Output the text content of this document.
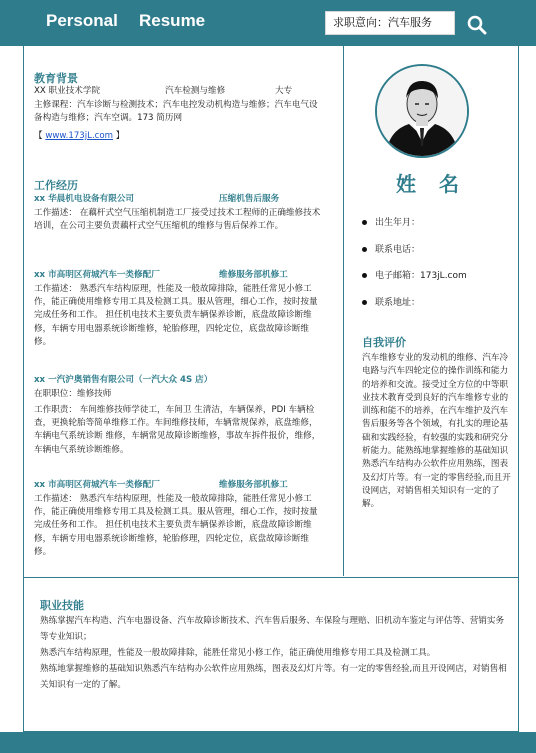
Personal Resume	求职意向：汽车服务
教育背景
XX 职业技术学院	汽车检测与维修	大专
主修课程：汽车诊断与检测技术；汽车电控发动机构造与维修；汽车电气设备构造与维修；汽车空调。173 简历网
【 www.173jL.com 】
工作经历
xx 华晨机电设备有限公司	压缩机售后服务
工作描述： 在藕杆式空气压缩机制造工厂接受过技术工程师的正确维修技术培训，在公司主要负责藕杆式空气压缩机的维修与售后保养工作。
xx 市高明区荷城汽车一类修配厂	维修服务部机修工
工作描述： 熟悉汽车结构原理，性能及一般故障排除，能胜任常见小修工作，能正确使用维修专用工具及检测工具。服从管理，细心工作，按时按量完成任务和工作。 担任机电技术主要负责车辆保养诊断，底盘故障诊断维修，车辆专用电器系统诊断维修，轮胎修理，四轮定位，底盘故障诊断维修。
xx 一汽沪奥销售有限公司（一汽大众 4S 店）
在职职位：维修技师
工作职责： 车间维修技师学徒工，车间卫 生清洁，车辆保养，PDI 车辆检查，更换轮胎等简单维修工作。车间维修技师，车辆常规保养，底盘维修，车辆电气系统诊断 维修，车辆常见故障诊断维修，事故车拆件报价，维修，车辆电气系统诊断维修。
xx 市高明区荷城汽车一类修配厂	维修服务部机修工
工作描述： 熟悉汽车结构原理，性能及一般故障排除，能胜任常见小修工作，能正确使用维修专用工具及检测工具。服从管理，细心工作，按时按量完成任务和工作。 担任机电技术主要负责车辆保养诊断，底盘故障诊断维修，车辆专用电器系统诊断维修，轮胎修理，四轮定位，底盘故障诊断维修。
姓 名
出生年月：
联系电话：
电子邮箱：173jL.com
联系地址：
自我评价
汽车维修专业的发动机的维修、汽车冷电路与汽车四轮定位的操作训练和能力的培养和交流。接受过全方位的中等职业技术教育受到良好的汽车维修专业的训练和能不的培养，在汽车维护及汽车售后服务等各个领域，有扎实的理论基础和实践经验，有较强的实践和研究分析能力。能熟练地掌握维修的基础知识熟悉汽车结构办公软件应用熟练，图表及幻灯片等。有一定的零售经验,而且开设网店，对销售相关知识有一定的了解。
职业技能
熟练掌握汽车构造、汽车电器设备、汽车故障诊断技术、汽车售后服务、车保险与理赔、旧机动车鉴定与评估等、营销实务等专业知识；
熟悉汽车结构原理，性能及一般故障排除，能胜任常见小修工作，能正确使用维修专用工具及检测工具。
熟练地掌握维修的基础知识熟悉汽车结构办公软件应用熟练，图表及幻灯片等。有一定的零售经验,而且开设网店，对销售相关知识有一定的了解。
